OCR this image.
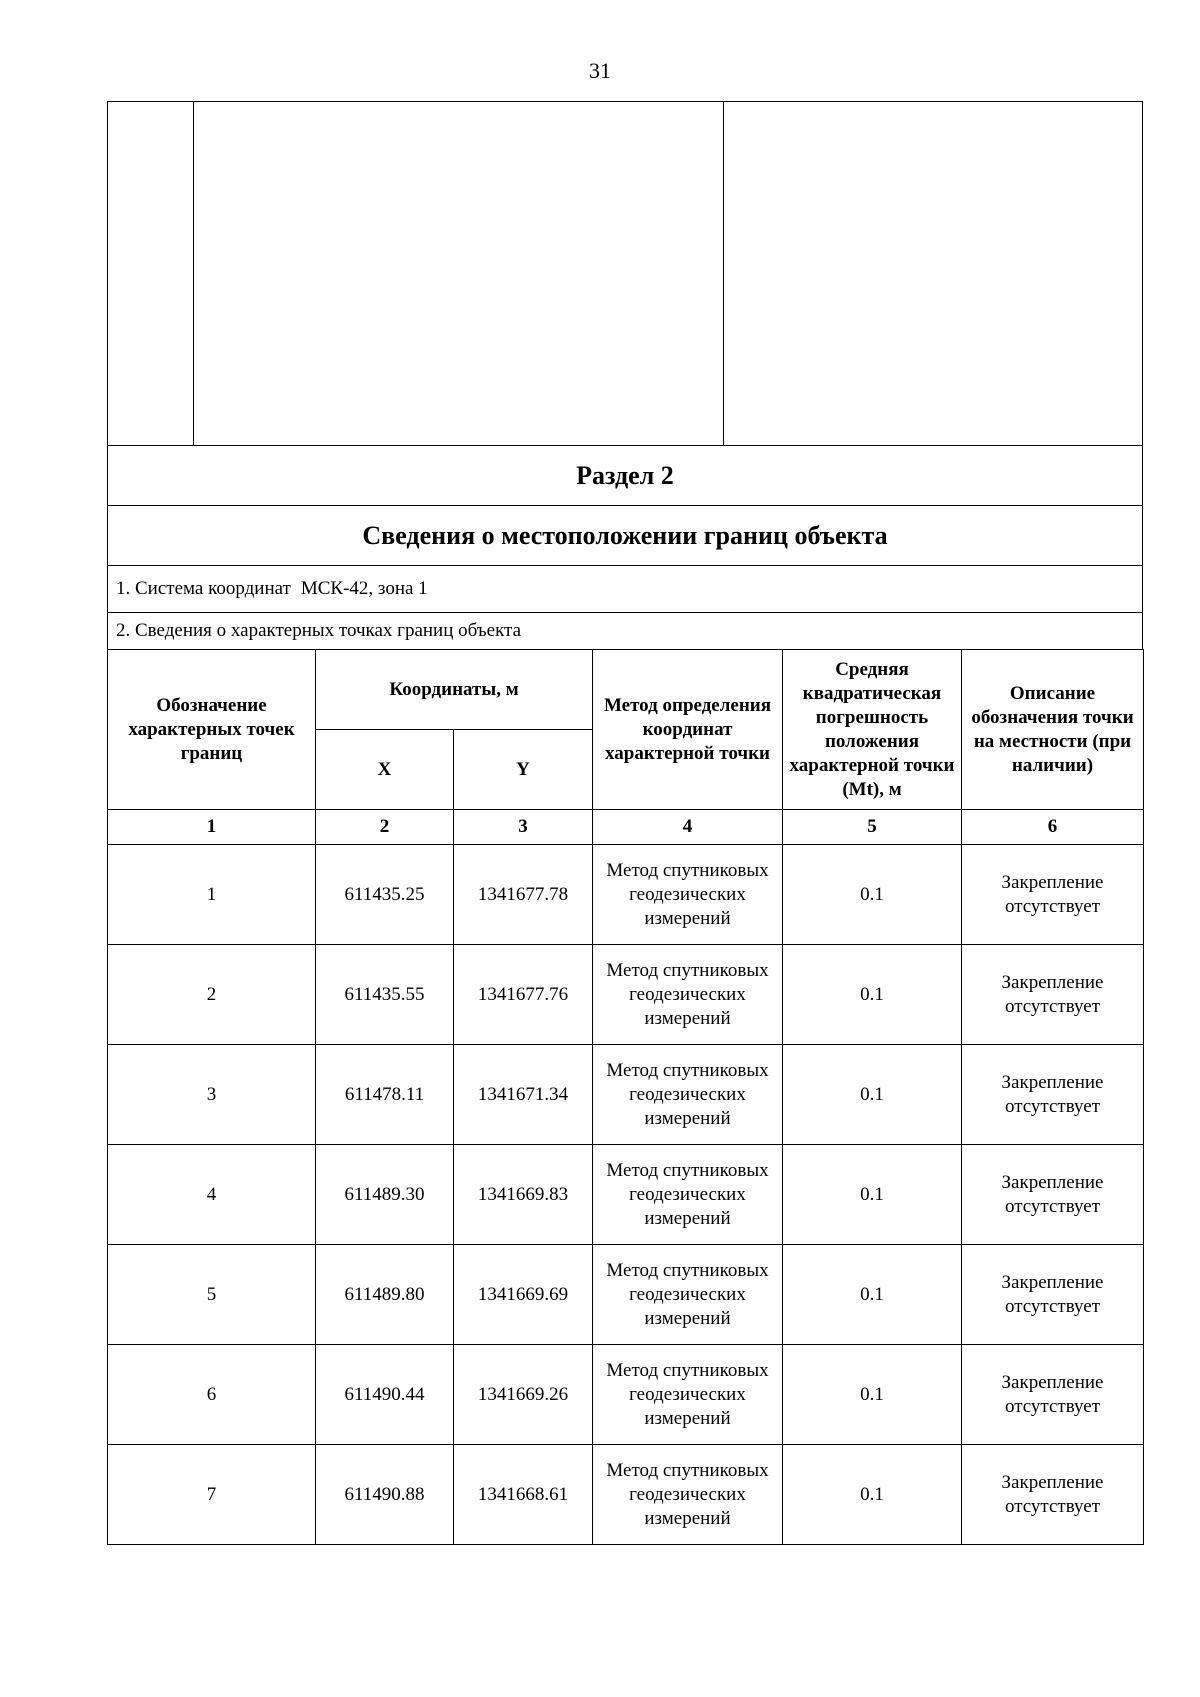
31
Раздел 2
Сведения о местоположении границ объекта
1. Система координат МСК-42, зона 1
2. Сведения о характерных точках границ объекта
Обозначение характерных точек границ	Координаты, м		Метод определения координат характерной точки	Средняя квадратическая погрешность положения характерной точки (Mt), м	Описание обозначения точки на местности (при наличии)
	X	Y			
1	2	3	4	5	6
1	611435.25	1341677.78	Метод спутниковых геодезических измерений	0.1	Закрепление отсутствует
2	611435.55	1341677.76	Метод спутниковых геодезических измерений	0.1	Закрепление отсутствует
3	611478.11	1341671.34	Метод спутниковых геодезических измерений	0.1	Закрепление отсутствует
4	611489.30	1341669.83	Метод спутниковых геодезических измерений	0.1	Закрепление отсутствует
5	611489.80	1341669.69	Метод спутниковых геодезических измерений	0.1	Закрепление отсутствует
6	611490.44	1341669.26	Метод спутниковых геодезических измерений	0.1	Закрепление отсутствует
7	611490.88	1341668.61	Метод спутниковых геодезических измерений	0.1	Закрепление отсутствует
